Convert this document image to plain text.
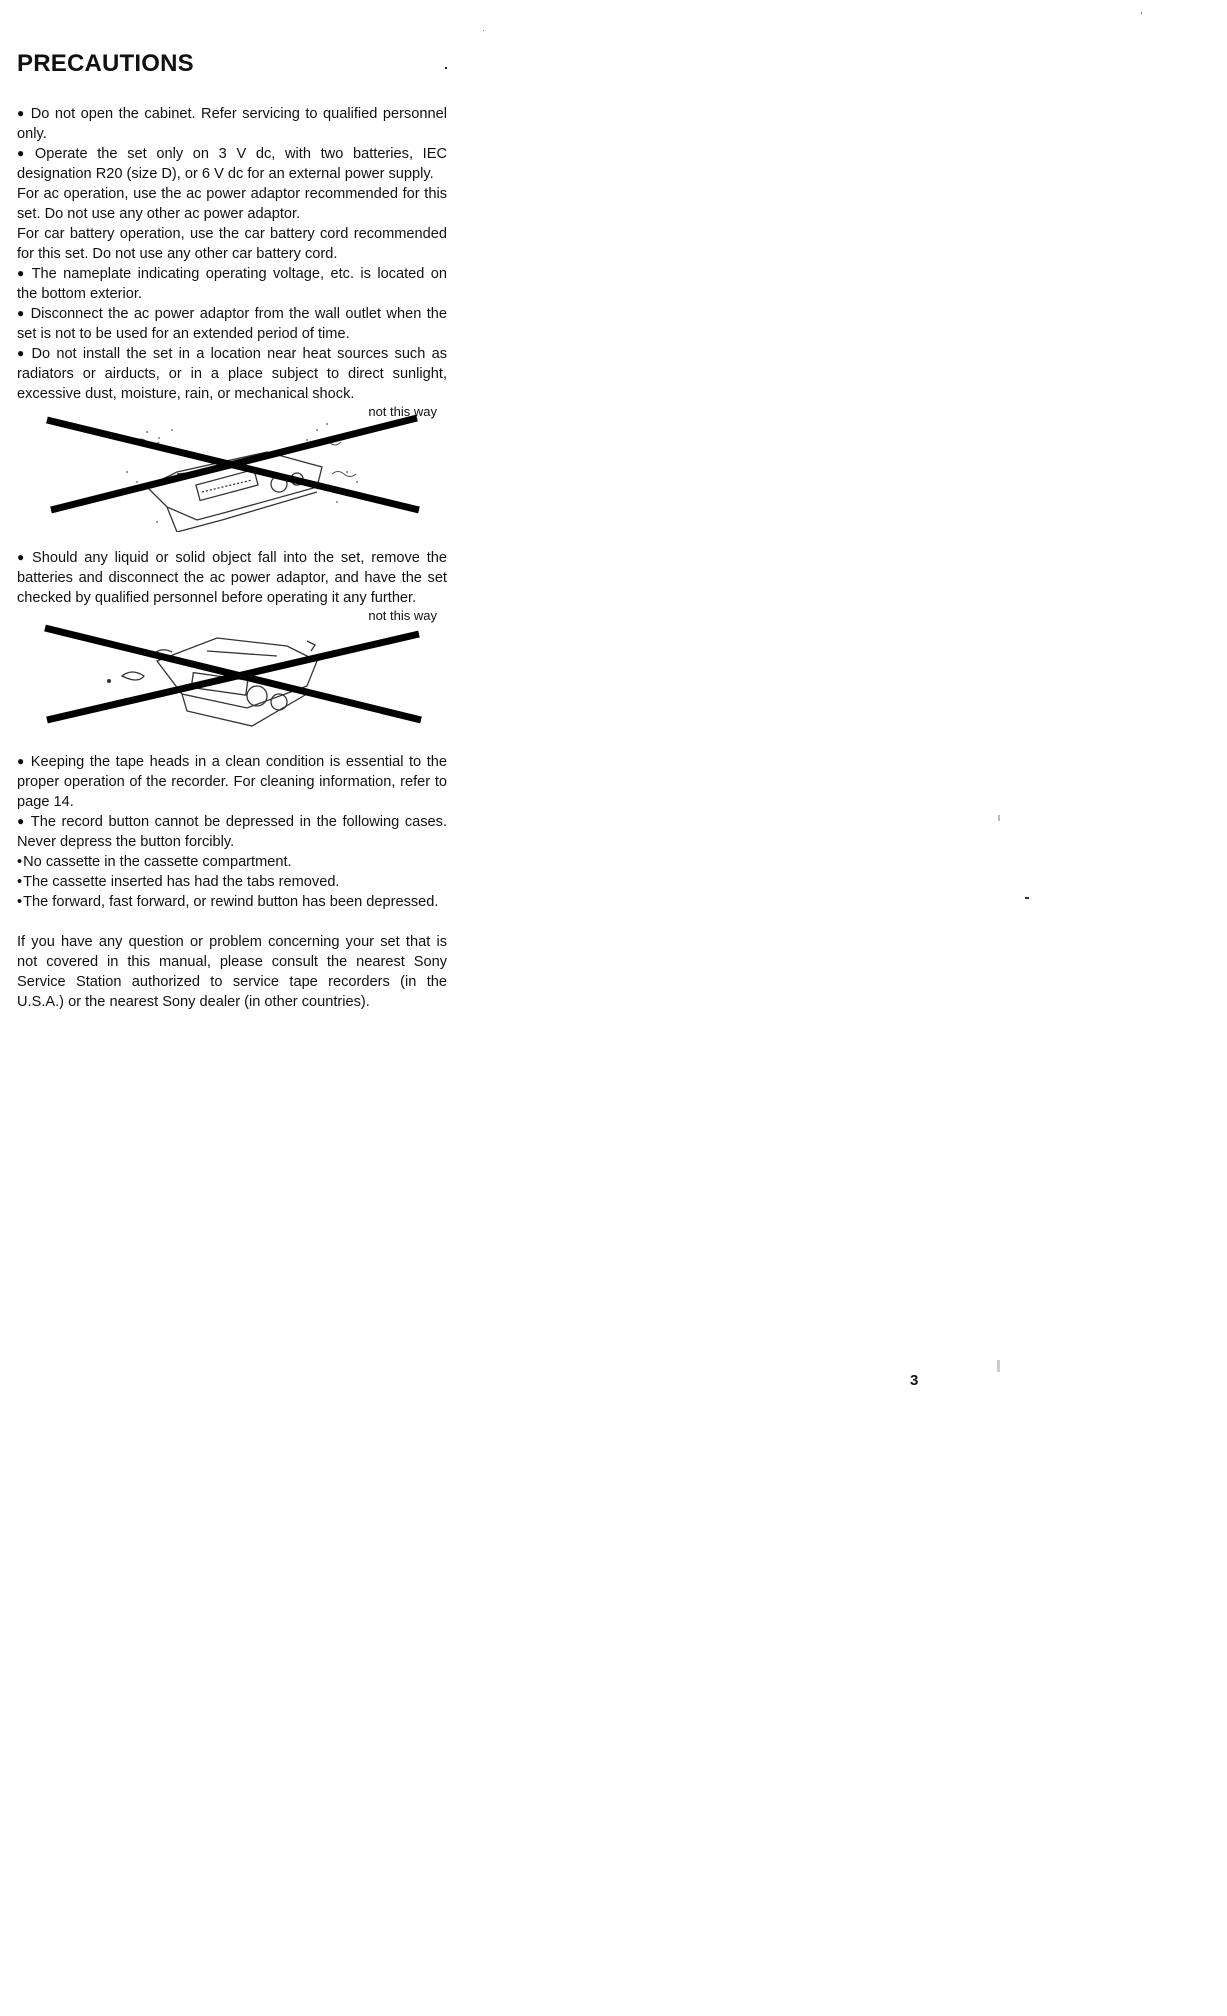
PRECAUTIONS

● Do not open the cabinet. Refer servicing to qualified personnel only.

● Operate the set only on 3 V dc, with two batteries, IEC designation R20 (size D), or 6 V dc for an external power supply.

For ac operation, use the ac power adaptor recommended for this set. Do not use any other ac power adaptor.

For car battery operation, use the car battery cord recommended for this set. Do not use any other car battery cord.

● The nameplate indicating operating voltage, etc. is located on the bottom exterior.

● Disconnect the ac power adaptor from the wall outlet when the set is not to be used for an extended period of time.

● Do not install the set in a location near heat sources such as radiators or airducts, or in a place subject to direct sunlight, excessive dust, moisture, rain, or mechanical shock.

not this way

● Should any liquid or solid object fall into the set, remove the batteries and disconnect the ac power adaptor, and have the set checked by qualified personnel before operating it any further.

not this way

● Keeping the tape heads in a clean condition is essential to the proper operation of the recorder. For cleaning information, refer to page 14.

● The record button cannot be depressed in the following cases. Never depress the button forcibly.

• No cassette in the cassette compartment.

• The cassette inserted has had the tabs removed.

• The forward, fast forward, or rewind button has been depressed.

If you have any question or problem concerning your set that is not covered in this manual, please consult the nearest Sony Service Station authorized to service tape recorders (in the U.S.A.) or the nearest Sony dealer (in other countries).

3
